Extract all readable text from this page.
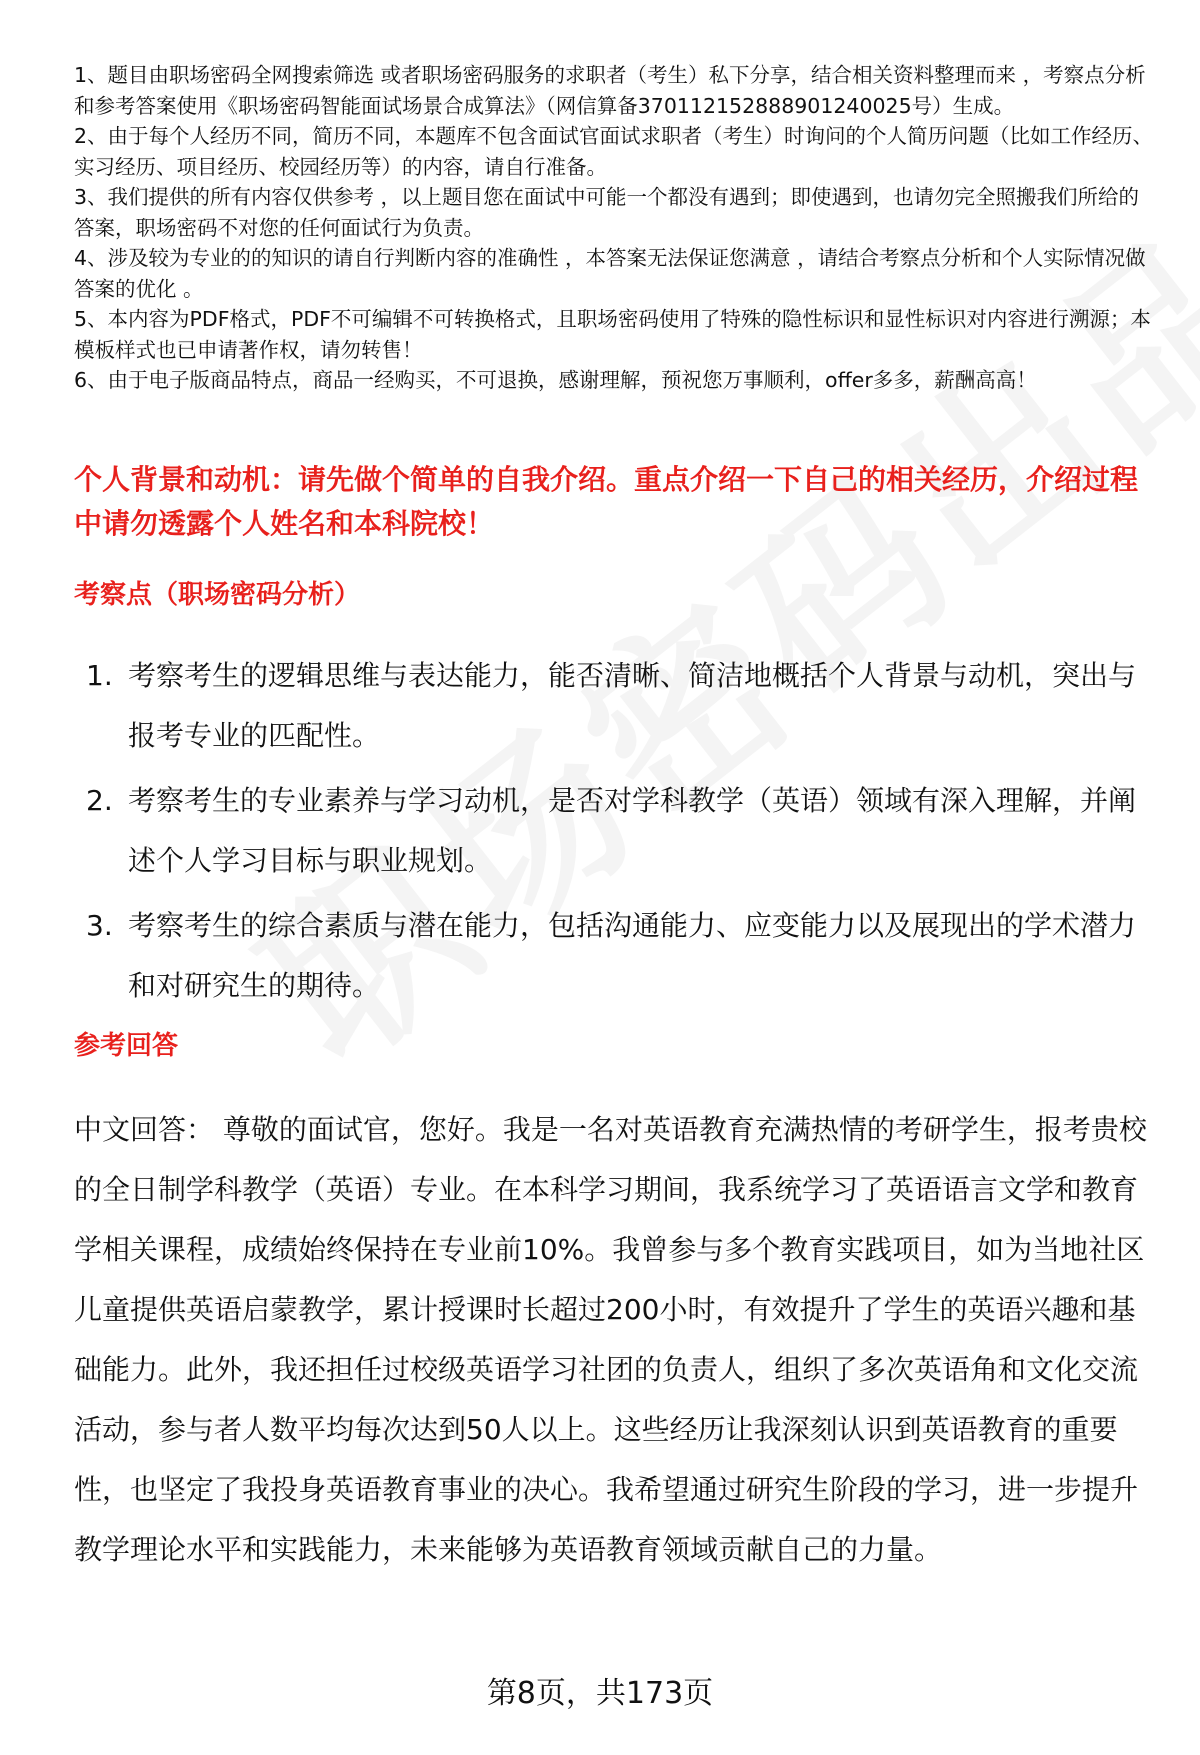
1、题目由职场密码全网搜索筛选 或者职场密码服务的求职者（考生）私下分享，结合相关资料整理而来 ，考察点分析和参考答案使用《职场密码智能面试场景合成算法》（网信算备370112152888901240025号）生成。

2、由于每个人经历不同，简历不同，本题库不包含面试官面试求职者（考生）时询问的个人简历问题（比如工作经历、实习经历、项目经历、校园经历等）的内容，请自行准备。

3、我们提供的所有内容仅供参考 ，以上题目您在面试中可能一个都没有遇到；即使遇到，也请勿完全照搬我们所给的答案，职场密码不对您的任何面试行为负责。

4、涉及较为专业的的知识的请自行判断内容的准确性 ，本答案无法保证您满意 ，请结合考察点分析和个人实际情况做答案的优化 。

5、本内容为PDF格式，PDF不可编辑不可转换格式，且职场密码使用了特殊的隐性标识和显性标识对内容进行溯源；本模板样式也已申请著作权，请勿转售！

6、由于电子版商品特点，商品一经购买，不可退换，感谢理解，预祝您万事顺利，offer多多，薪酬高高！

个人背景和动机：请先做个简单的自我介绍。重点介绍一下自己的相关经历，介绍过程中请勿透露个人姓名和本科院校！
考察点（职场密码分析）
1. 考察考生的逻辑思维与表达能力，能否清晰、简洁地概括个人背景与动机，突出与报考专业的匹配性。
2. 考察考生的专业素养与学习动机，是否对学科教学（英语）领域有深入理解，并阐述个人学习目标与职业规划。
3. 考察考生的综合素质与潜在能力，包括沟通能力、应变能力以及展现出的学术潜力和对研究生的期待。
参考回答
中文回答： 尊敬的面试官，您好。我是一名对英语教育充满热情的考研学生，报考贵校的全日制学科教学（英语）专业。在本科学习期间，我系统学习了英语语言文学和教育学相关课程，成绩始终保持在专业前10%。我曾参与多个教育实践项目，如为当地社区儿童提供英语启蒙教学，累计授课时长超过200小时，有效提升了学生的英语兴趣和基础能力。此外，我还担任过校级英语学习社团的负责人，组织了多次英语角和文化交流活动，参与者人数平均每次达到50人以上。这些经历让我深刻认识到英语教育的重要性，也坚定了我投身英语教育事业的决心。我希望通过研究生阶段的学习，进一步提升教学理论水平和实践能力，未来能够为英语教育领域贡献自己的力量。
第8页，共173页
